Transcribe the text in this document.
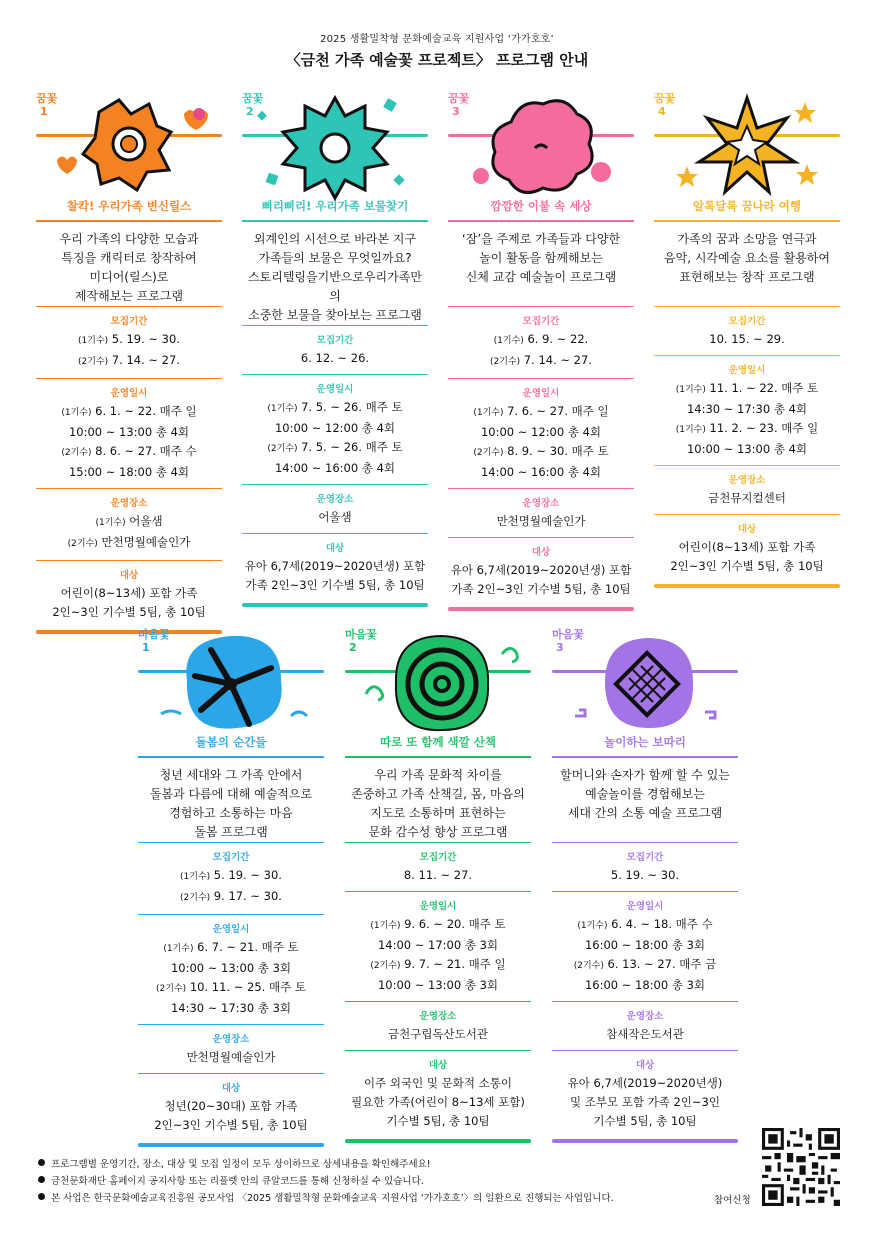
2025 생활밀착형 문화예술교육 지원사업 ‘가가호호’
〈금천 가족 예술꽃 프로젝트〉 프로그램 안내
꿈꽃
1
찰칵! 우리가족 변신릴스
우리 가족의 다양한 모습과
특징을 캐릭터로 창작하여
미디어(릴스)로
제작해보는 프로그램
모집기간
(1기수) 5. 19. ~ 30.
(2기수) 7. 14. ~ 27.
운영일시
(1기수) 6. 1. ~ 22. 매주 일
10:00 ~ 13:00 총 4회
(2기수) 8. 6. ~ 27. 매주 수
15:00 ~ 18:00 총 4회
운영장소
(1기수) 어울샘
(2기수) 만천명월예술인가
대상
어린이(8~13세) 포함 가족
2인~3인 기수별 5팀, 총 10팀
꿈꽃
2
삐리삐리! 우리가족 보물찾기
외계인의 시선으로 바라본 지구
가족들의 보물은 무엇일까요?
스토리텔링을기반으로우리가족만의
소중한 보물을 찾아보는 프로그램
모집기간
6. 12. ~ 26.
운영일시
(1기수) 7. 5. ~ 26. 매주 토
10:00 ~ 12:00 총 4회
(2기수) 7. 5. ~ 26. 매주 토
14:00 ~ 16:00 총 4회
운영장소
어울샘
대상
유아 6,7세(2019~2020년생) 포함
가족 2인~3인 기수별 5팀, 총 10팀
꿈꽃
3
깜깜한 이불 속 세상
‘잠’을 주제로 가족들과 다양한
놀이 활동을 함께해보는
신체 교감 예술놀이 프로그램
모집기간
(1기수) 6. 9. ~ 22.
(2기수) 7. 14. ~ 27.
운영일시
(1기수) 7. 6. ~ 27. 매주 일
10:00 ~ 12:00 총 4회
(2기수) 8. 9. ~ 30. 매주 토
14:00 ~ 16:00 총 4회
운영장소
만천명월예술인가
대상
유아 6,7세(2019~2020년생) 포함
가족 2인~3인 기수별 5팀, 총 10팀
꿈꽃
4
알록달록 꿈나라 여행
가족의 꿈과 소망을 연극과
음악, 시각예술 요소를 활용하여
표현해보는 창작 프로그램
모집기간
10. 15. ~ 29.
운영일시
(1기수) 11. 1. ~ 22. 매주 토
14:30 ~ 17:30 총 4회
(1기수) 11. 2. ~ 23. 매주 일
10:00 ~ 13:00 총 4회
운영장소
금천뮤지컬센터
대상
어린이(8~13세) 포함 가족
2인~3인 기수별 5팀, 총 10팀
마음꽃
1
돌봄의 순간들
청년 세대와 그 가족 안에서
돌봄과 다름에 대해 예술적으로
경험하고 소통하는 마음
돌봄 프로그램
모집기간
(1기수) 5. 19. ~ 30.
(2기수) 9. 17. ~ 30.
운영일시
(1기수) 6. 7. ~ 21. 매주 토
10:00 ~ 13:00 총 3회
(2기수) 10. 11. ~ 25. 매주 토
14:30 ~ 17:30 총 3회
운영장소
만천명월예술인가
대상
청년(20~30대) 포함 가족
2인~3인 기수별 5팀, 총 10팀
마음꽃
2
따로 또 함께 색깔 산책
우리 가족 문화적 차이를
존중하고 가족 산책길, 몸, 마음의
지도로 소통하며 표현하는
문화 감수성 향상 프로그램
모집기간
8. 11. ~ 27.
운영일시
(1기수) 9. 6. ~ 20. 매주 토
14:00 ~ 17:00 총 3회
(2기수) 9. 7. ~ 21. 매주 일
10:00 ~ 13:00 총 3회
운영장소
금천구립독산도서관
대상
이주 외국인 및 문화적 소통이
필요한 가족(어린이 8~13세 포함)
기수별 5팀, 총 10팀
마음꽃
3
놀이하는 보따리
할머니와 손자가 함께 할 수 있는
예술놀이를 경험해보는
세대 간의 소통 예술 프로그램
모집기간
5. 19. ~ 30.
운영일시
(1기수) 6. 4. ~ 18. 매주 수
16:00 ~ 18:00 총 3회
(2기수) 6. 13. ~ 27. 매주 금
16:00 ~ 18:00 총 3회
운영장소
참새작은도서관
대상
유아 6,7세(2019~2020년생)
및 조부모 포함 가족 2인~3인
기수별 5팀, 총 10팀
프로그램별 운영기간, 장소, 대상 및 모집 일정이 모두 상이하므로 상세내용을 확인해주세요!
금천문화재단 홈페이지 공지사항 또는 리플렛 안의 큐알코드를 통해 신청하실 수 있습니다.
본 사업은 한국문화예술교육진흥원 공모사업 〈2025 생활밀착형 문화예술교육 지원사업 ‘가가호호’〉의 일환으로 진행되는 사업입니다.	참여신청
